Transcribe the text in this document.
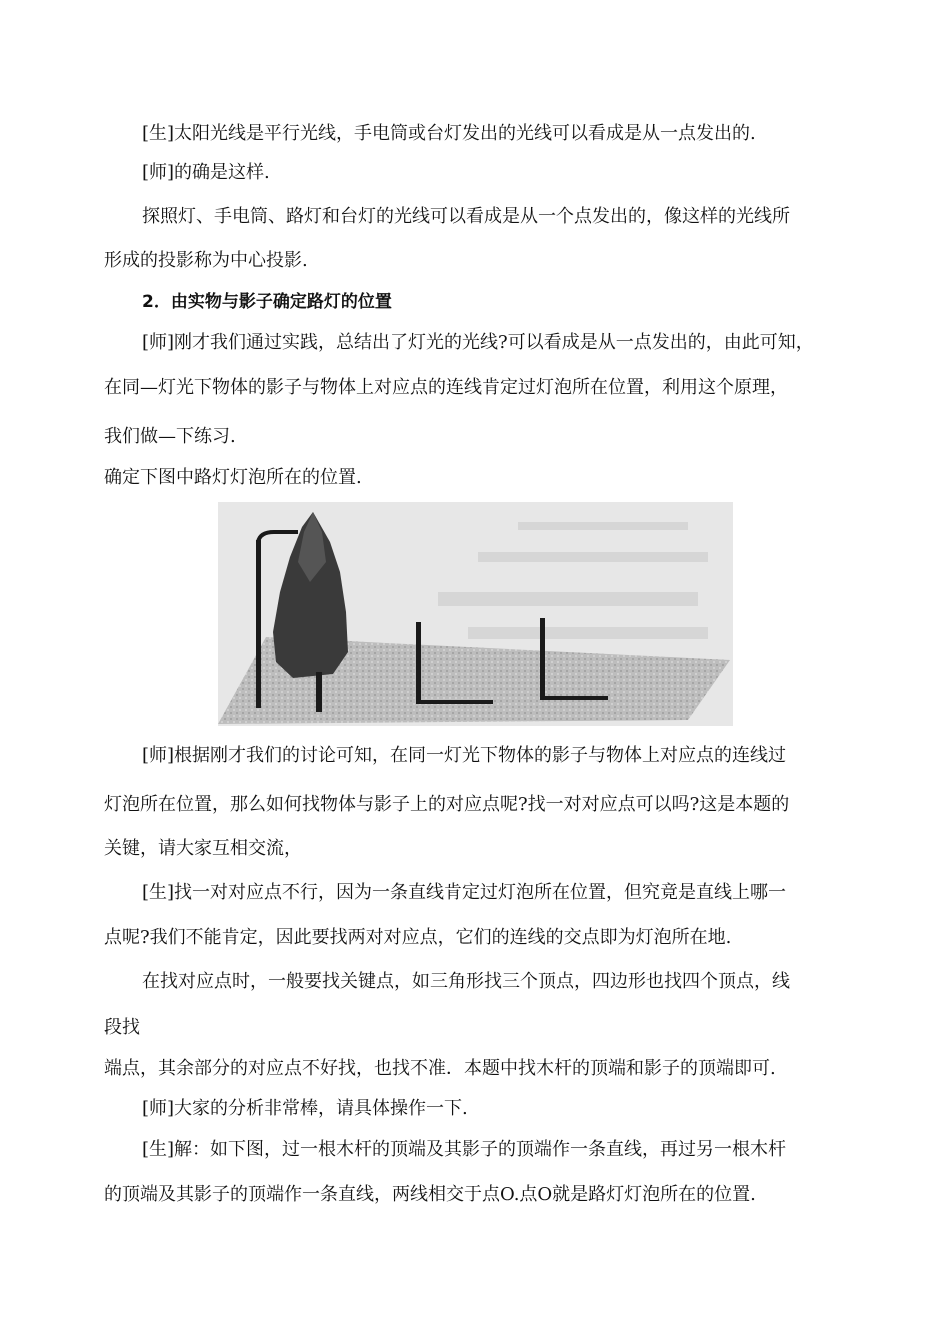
[生]太阳光线是平行光线，手电筒或台灯发出的光线可以看成是从一点发出的.
[师]的确是这样.
探照灯、手电筒、路灯和台灯的光线可以看成是从一个点发出的，像这样的光线所
形成的投影称为中心投影.
2．由实物与影子确定路灯的位置
[师]刚才我们通过实践，总结出了灯光的光线?可以看成是从一点发出的，由此可知，
在同—灯光下物体的影子与物体上对应点的连线肯定过灯泡所在位置，利用这个原理，
我们做—下练习.
确定下图中路灯灯泡所在的位置.
[师]根据刚才我们的讨论可知，在同一灯光下物体的影子与物体上对应点的连线过
灯泡所在位置，那么如何找物体与影子上的对应点呢?找一对对应点可以吗?这是本题的
关键，请大家互相交流，
[生]找一对对应点不行，因为一条直线肯定过灯泡所在位置，但究竟是直线上哪一
点呢?我们不能肯定，因此要找两对对应点，它们的连线的交点即为灯泡所在地.
在找对应点时，一般要找关键点，如三角形找三个顶点，四边形也找四个顶点，线
段找
端点，其余部分的对应点不好找，也找不准．本题中找木杆的顶端和影子的顶端即可.
[师]大家的分析非常棒，请具体操作一下.
[生]解：如下图，过一根木杆的顶端及其影子的顶端作一条直线，再过另一根木杆
的顶端及其影子的顶端作一条直线，两线相交于点O.点O就是路灯灯泡所在的位置.
